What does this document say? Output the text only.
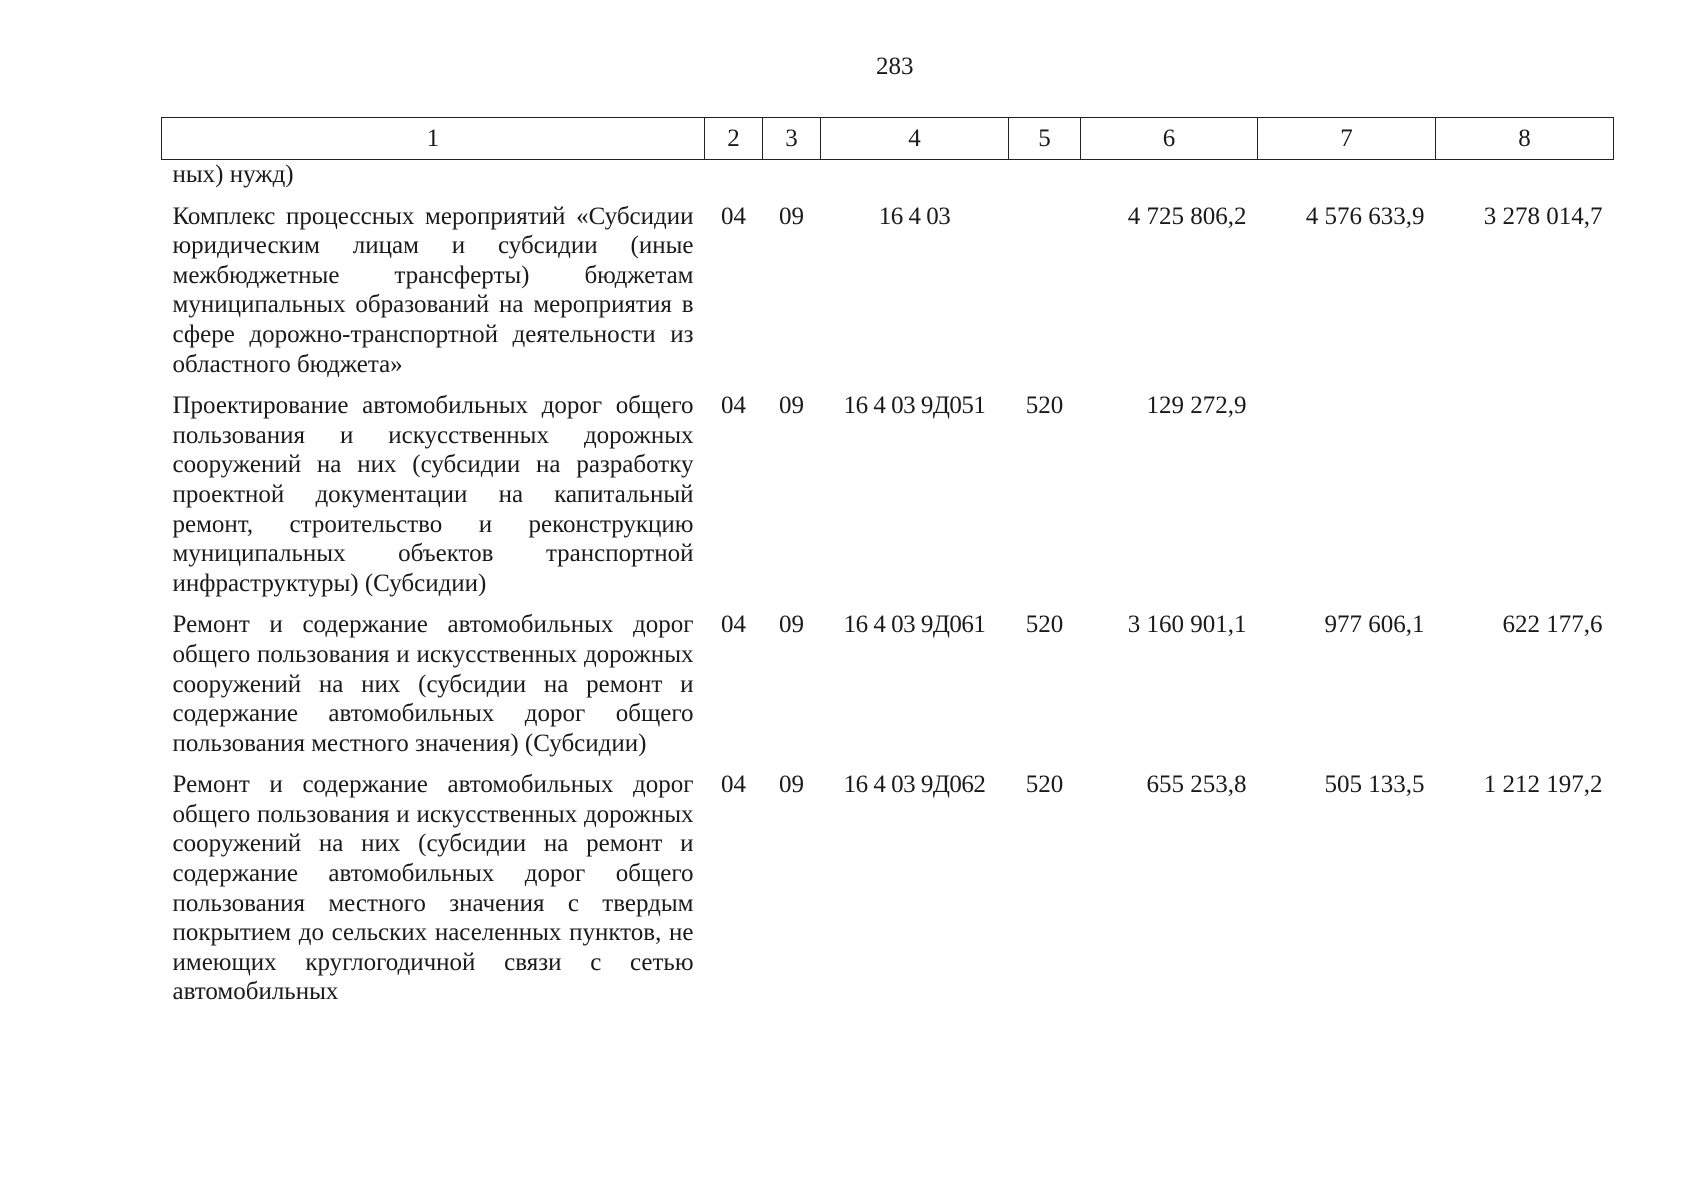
283
1	2	3	4	5	6	7	8
ных) нужд)							
Комплекс процессных мероприятий «Субсидии юридическим лицам и субсидии (иные межбюджетные трансферты) бюджетам муниципальных образований на мероприятия в сфере дорожно-транспортной деятельности из областного бюджета»	04	09	16 4 03		4 725 806,2	4 576 633,9	3 278 014,7
Проектирование автомобильных дорог общего пользования и искусственных дорожных сооружений на них (субсидии на разработку проектной документации на капитальный ремонт, строительство и реконструкцию муниципальных объектов транспортной инфраструктуры) (Субсидии)	04	09	16 4 03 9Д051	520	129 272,9		
Ремонт и содержание автомобильных дорог общего пользования и искусственных дорожных сооружений на них (субсидии на ремонт и содержание автомобильных дорог общего пользования местного значения) (Субсидии)	04	09	16 4 03 9Д061	520	3 160 901,1	977 606,1	622 177,6
Ремонт и содержание автомобильных дорог общего пользования и искусственных дорожных сооружений на них (субсидии на ремонт и содержание автомобильных дорог общего пользования местного значения с твердым покрытием до сельских населенных пунктов, не имеющих круглогодичной связи с сетью автомобильных	04	09	16 4 03 9Д062	520	655 253,8	505 133,5	1 212 197,2
